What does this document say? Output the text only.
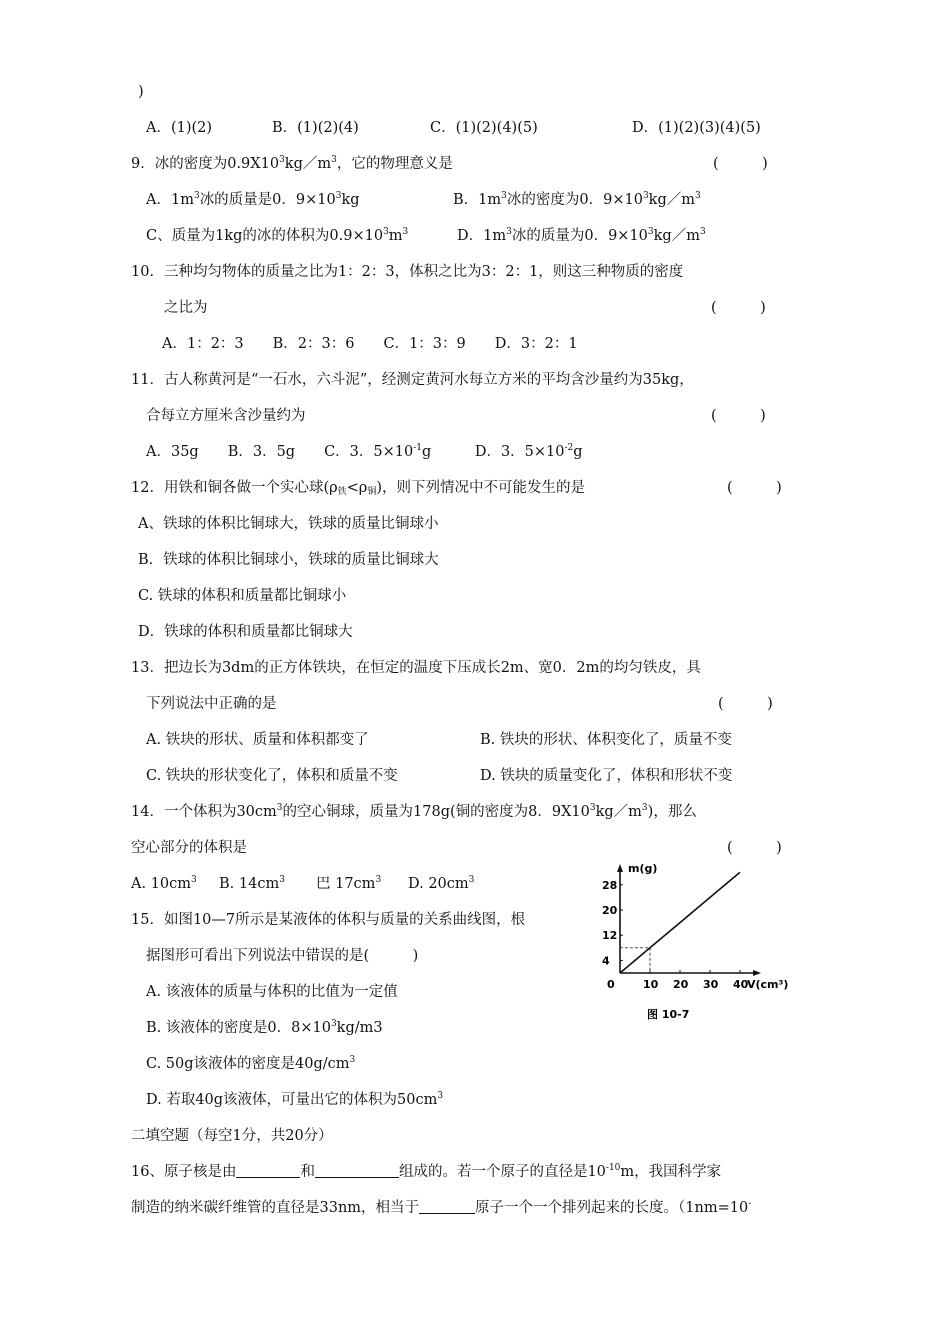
)
A．(1)(2)	B．(1)(2)(4)	C．(1)(2)(4)(5)	D．(1)(2)(3)(4)(5)
9．冰的密度为$0.9X10^3kg/m^3$，它的物理意义是	(　　　)
A．$1m^3$冰的质量是0．$9\times 10^3kg$	B．$1m^3$冰的密度为0．$9\times 10^3kg/m^3$
C、质量为1kg的冰的体积为$0.9\times 10^3m^3$	D．$1m^3$冰的质量为0．$9\times 10^3kg/m^3$
10．三种均匀物体的质量之比为1：2：3，体积之比为3：2：1，则这三种物质的密度
之比为	(　　　)
A．1：2：3　　B．2：3：6　　C．1：3：9　　D．3：2：1
11．古人称黄河是“一石水，六斗泥”，经测定黄河水每立方米的平均含沙量约为35kg，
合每立方厘米含沙量约为	(　　　)
A．35g　　B．3．5g　　C．3．$5\times 10^{-1}g$　　　D．3．$5\times 10^{-2}g$
12．用铁和铜各做一个实心球$(\rho_铁<\rho_铜)$，则下列情况中不可能发生的是	(　　　)
A、铁球的体积比铜球大，铁球的质量比铜球小
B．铁球的体积比铜球小，铁球的质量比铜球大
C. 铁球的体积和质量都比铜球小
D．铁球的体积和质量都比铜球大
13．把边长为3dm的正方体铁块，在恒定的温度下压成长2m、宽0．2m的均匀铁皮，具
下列说法中正确的是	(　　　)
A. 铁块的形状、质量和体积都变了	B. 铁块的形状、体积变化了，质量不变
C. 铁块的形状变化了，体积和质量不变	D. 铁块的质量变化了，体积和形状不变
14．一个体积为$30cm^3$的空心铜球，质量为178g(铜的密度为8．$9X10^3kg/m^3$)，那么
空心部分的体积是	(　　　)
A. $10cm^3$ B. $14cm^3$ 巴 $17cm^3$ D. $20cm^3$
15．如图10—7所示是某液体的体积与质量的关系曲线图，根
据图形可看出下列说法中错误的是(　　　)
A. 该液体的质量与体积的比值为一定值
B. 该液体的密度是0．$8\times 10^3kg/m3$
C. 50g该液体的密度是$40g/cm^3$
D. 若取40g该液体，可量出它的体积为$50cm^3$
m(g)
V(cm³)
0	10 20 30 40
4
12
20
28
图 10-7
二填空题（每空1分，共20分）
16、原子核是由	和	组成的。若一个原子的直径是$10^{-10}m$，我国科学家
制造的纳米碳纤维管的直径是33nm，相当于	原子一个一个排列起来的长度。（1nm=10-
